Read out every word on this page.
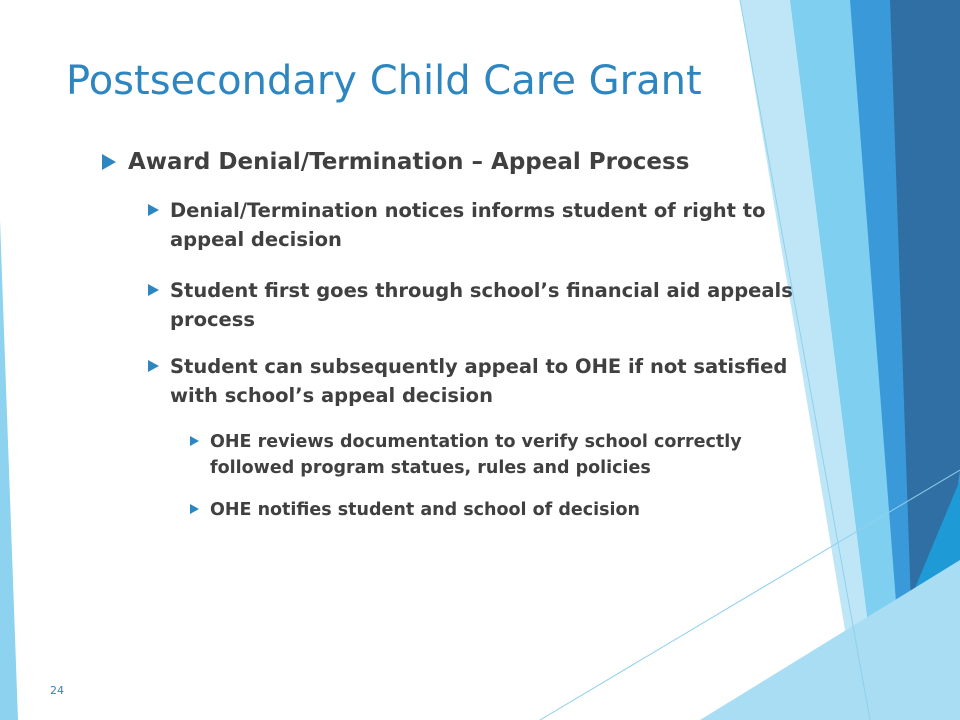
Postsecondary Child Care Grant
Award Denial/Termination – Appeal Process
Denial/Termination notices informs student of right to appeal decision
Student first goes through school’s financial aid appeals process
Student can subsequently appeal to OHE if not satisfied with school’s appeal decision
OHE reviews documentation to verify school correctly followed program statues, rules and policies
OHE notifies student and school of decision
24
